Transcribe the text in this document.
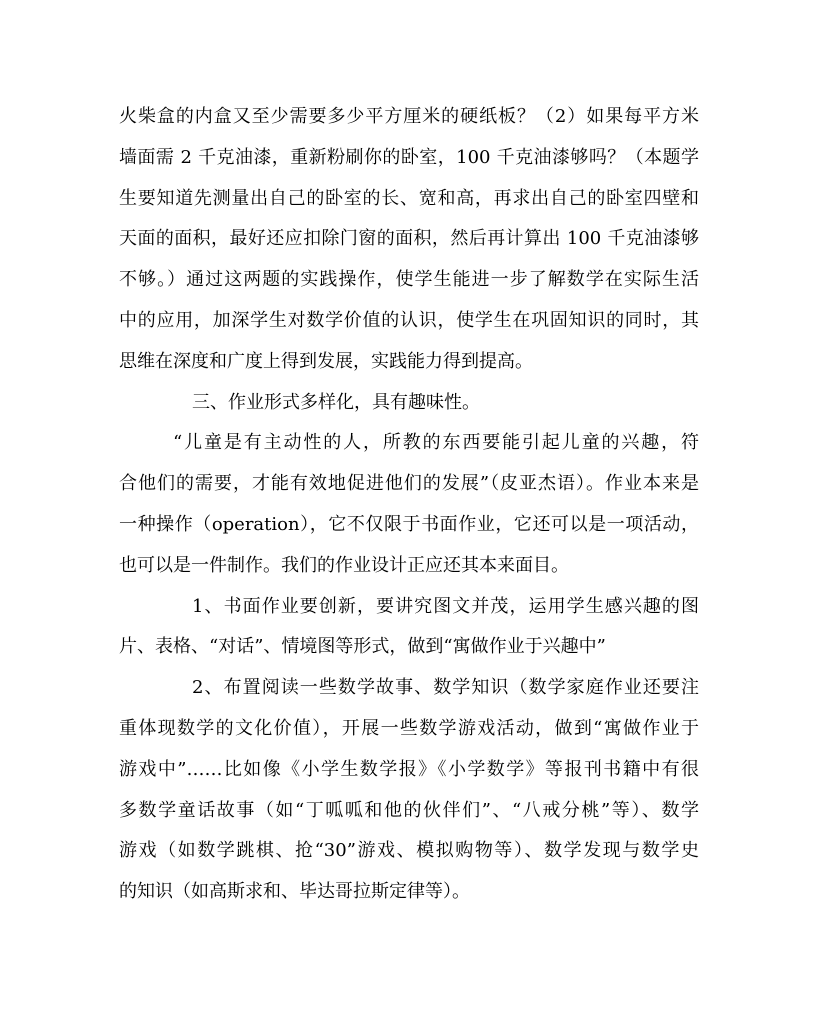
火柴盒的内盒又至少需要多少平方厘米的硬纸板？（2）如果每平方米
墙面需 2 千克油漆，重新粉刷你的卧室，100 千克油漆够吗？（本题学
生要知道先测量出自己的卧室的长、宽和高，再求出自己的卧室四壁和
天面的面积，最好还应扣除门窗的面积，然后再计算出 100 千克油漆够
不够。）通过这两题的实践操作，使学生能进一步了解数学在实际生活
中的应用，加深学生对数学价值的认识，使学生在巩固知识的同时，其
思维在深度和广度上得到发展，实践能力得到提高。
三、作业形式多样化，具有趣味性。
“儿童是有主动性的人，所教的东西要能引起儿童的兴趣，符
合他们的需要，才能有效地促进他们的发展”（皮亚杰语）。作业本来是
一种操作（operation），它不仅限于书面作业，它还可以是一项活动，
也可以是一件制作。我们的作业设计正应还其本来面目。
1、书面作业要创新，要讲究图文并茂，运用学生感兴趣的图
片、表格、“对话”、情境图等形式，做到“寓做作业于兴趣中”
2、布置阅读一些数学故事、数学知识（数学家庭作业还要注
重体现数学的文化价值），开展一些数学游戏活动，做到“寓做作业于
游戏中”……比如像《小学生数学报》《小学数学》等报刊书籍中有很
多数学童话故事（如“丁呱呱和他的伙伴们”、“八戒分桃”等）、数学
游戏（如数学跳棋、抢“30”游戏、模拟购物等）、数学发现与数学史
的知识（如高斯求和、毕达哥拉斯定律等）。
